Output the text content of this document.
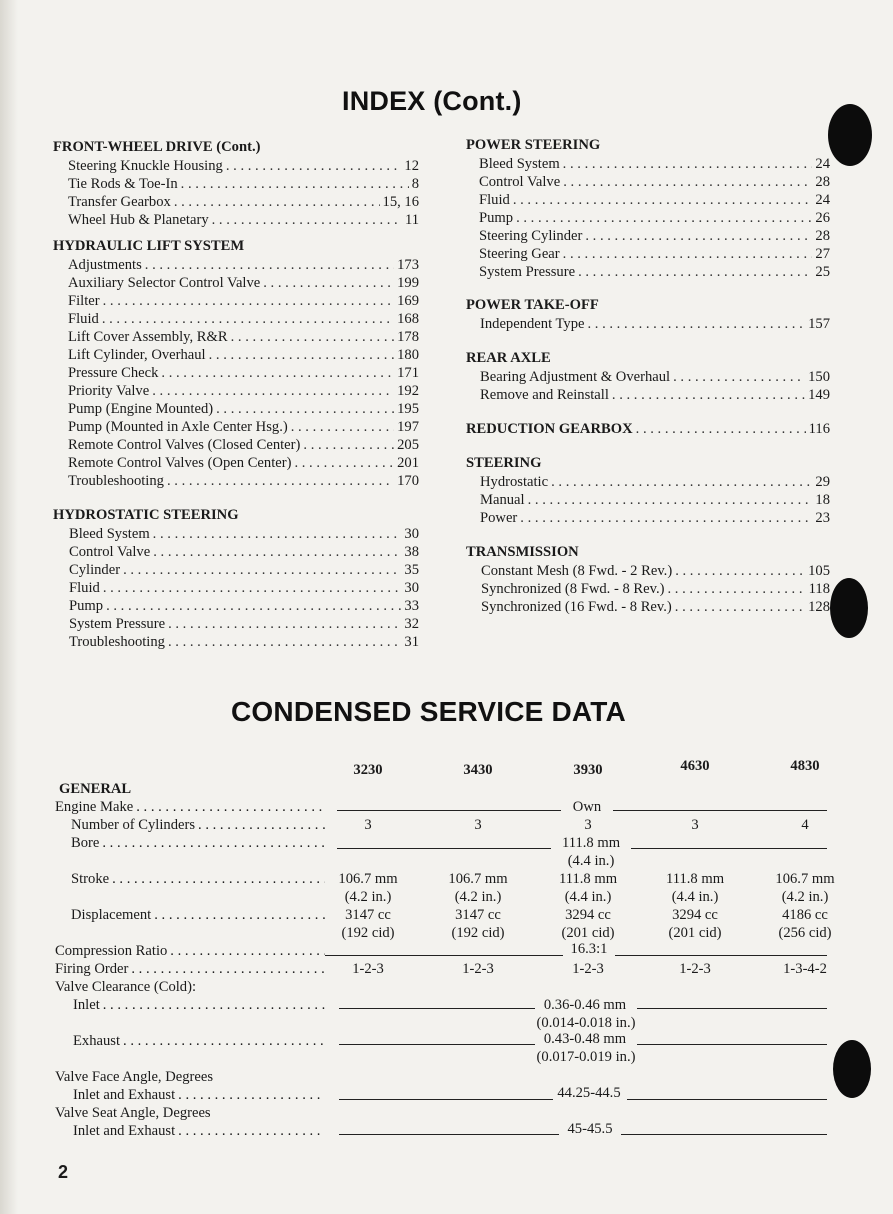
INDEX (Cont.)
FRONT-WHEEL DRIVE (Cont.)
Steering Knuckle Housing . . .	12
Tie Rods & Toe-In . . .	8
Transfer Gearbox . . .	15, 16
Wheel Hub & Planetary . . .	11
HYDRAULIC LIFT SYSTEM
Adjustments . . .	173
Auxiliary Selector Control Valve . . .	199
Filter . . .	169
Fluid . . .	168
Lift Cover Assembly, R&R . . .	178
Lift Cylinder, Overhaul . . .	180
Pressure Check . . .	171
Priority Valve . . .	192
Pump (Engine Mounted) . . .	195
Pump (Mounted in Axle Center Hsg.) . . .	197
Remote Control Valves (Closed Center) . . .	205
Remote Control Valves (Open Center) . . .	201
Troubleshooting . . .	170
HYDROSTATIC STEERING
Bleed System . . .	30
Control Valve . . .	38
Cylinder . . .	35
Fluid . . .	30
Pump . . .	33
System Pressure . . .	32
Troubleshooting . . .	31
POWER STEERING
Bleed System . . .	24
Control Valve . . .	28
Fluid . . .	24
Pump . . .	26
Steering Cylinder . . .	28
Steering Gear . . .	27
System Pressure . . .	25
POWER TAKE-OFF
Independent Type . . .	157
REAR AXLE
Bearing Adjustment & Overhaul . . .	150
Remove and Reinstall . . .	149
REDUCTION GEARBOX . . .	116
STEERING
Hydrostatic . . .	29
Manual . . .	18
Power . . .	23
TRANSMISSION
Constant Mesh (8 Fwd. - 2 Rev.) . . .	105
Synchronized (8 Fwd. - 8 Rev.) . . .	118
Synchronized (16 Fwd. - 8 Rev.) . . .	128
CONDENSED SERVICE DATA
3230	3430	3930	4630	4830
GENERAL
Engine Make . . .	Own
Number of Cylinders . . .	3	3	3	3	4
Bore . . .	111.8 mm
(4.4 in.)
Stroke . . .	106.7 mm	106.7 mm	111.8 mm	111.8 mm	106.7 mm
(4.2 in.)	(4.2 in.)	(4.4 in.)	(4.4 in.)	(4.2 in.)
Displacement . . .	3147 cc	3147 cc	3294 cc	3294 cc	4186 cc
(192 cid)	(192 cid)	(201 cid)	(201 cid)	(256 cid)
Compression Ratio . . .	16.3:1
Firing Order . . .	1-2-3	1-2-3	1-2-3	1-2-3	1-3-4-2
Valve Clearance (Cold):
Inlet . . .	0.36-0.46 mm
(0.014-0.018 in.)
Exhaust . . .	0.43-0.48 mm
(0.017-0.019 in.)
Valve Face Angle, Degrees
Inlet and Exhaust . . .	44.25-44.5
Valve Seat Angle, Degrees
Inlet and Exhaust . . .	45-45.5
2
